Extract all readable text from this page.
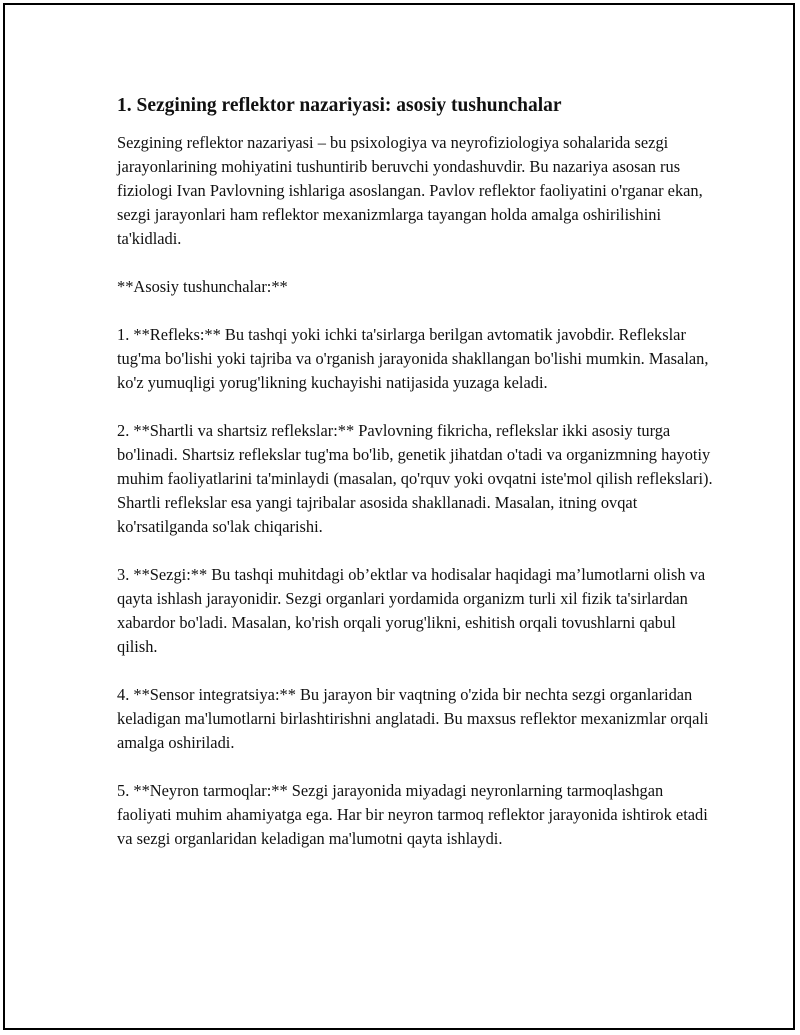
1. Sezgining reflektor nazariyasi: asosiy tushunchalar

Sezgining reflektor nazariyasi – bu psixologiya va neyrofiziologiya sohalarida sezgi jarayonlarining mohiyatini tushuntirib beruvchi yondashuvdir. Bu nazariya asosan rus fiziologi Ivan Pavlovning ishlariga asoslangan. Pavlov reflektor faoliyatini o'rganar ekan, sezgi jarayonlari ham reflektor mexanizmlarga tayangan holda amalga oshirilishini ta'kidladi.

**Asosiy tushunchalar:**

1. **Refleks:** Bu tashqi yoki ichki ta'sirlarga berilgan avtomatik javobdir. Reflekslar tug'ma bo'lishi yoki tajriba va o'rganish jarayonida shakllangan bo'lishi mumkin. Masalan, ko'z yumuqligi yorug'likning kuchayishi natijasida yuzaga keladi.

2. **Shartli va shartsiz reflekslar:** Pavlovning fikricha, reflekslar ikki asosiy turga bo'linadi. Shartsiz reflekslar tug'ma bo'lib, genetik jihatdan o'tadi va organizmning hayotiy muhim faoliyatlarini ta'minlaydi (masalan, qo'rquv yoki ovqatni iste'mol qilish reflekslari). Shartli reflekslar esa yangi tajribalar asosida shakllanadi. Masalan, itning ovqat ko'rsatilganda so'lak chiqarishi.

3. **Sezgi:** Bu tashqi muhitdagi ob’ektlar va hodisalar haqidagi ma’lumotlarni olish va qayta ishlash jarayonidir. Sezgi organlari yordamida organizm turli xil fizik ta'sirlardan xabardor bo'ladi. Masalan, ko'rish orqali yorug'likni, eshitish orqali tovushlarni qabul qilish.

4. **Sensor integratsiya:** Bu jarayon bir vaqtning o'zida bir nechta sezgi organlaridan keladigan ma'lumotlarni birlashtirishni anglatadi. Bu maxsus reflektor mexanizmlar orqali amalga oshiriladi.

5. **Neyron tarmoqlar:** Sezgi jarayonida miyadagi neyronlarning tarmoqlashgan faoliyati muhim ahamiyatga ega. Har bir neyron tarmoq reflektor jarayonida ishtirok etadi va sezgi organlaridan keladigan ma'lumotni qayta ishlaydi.
